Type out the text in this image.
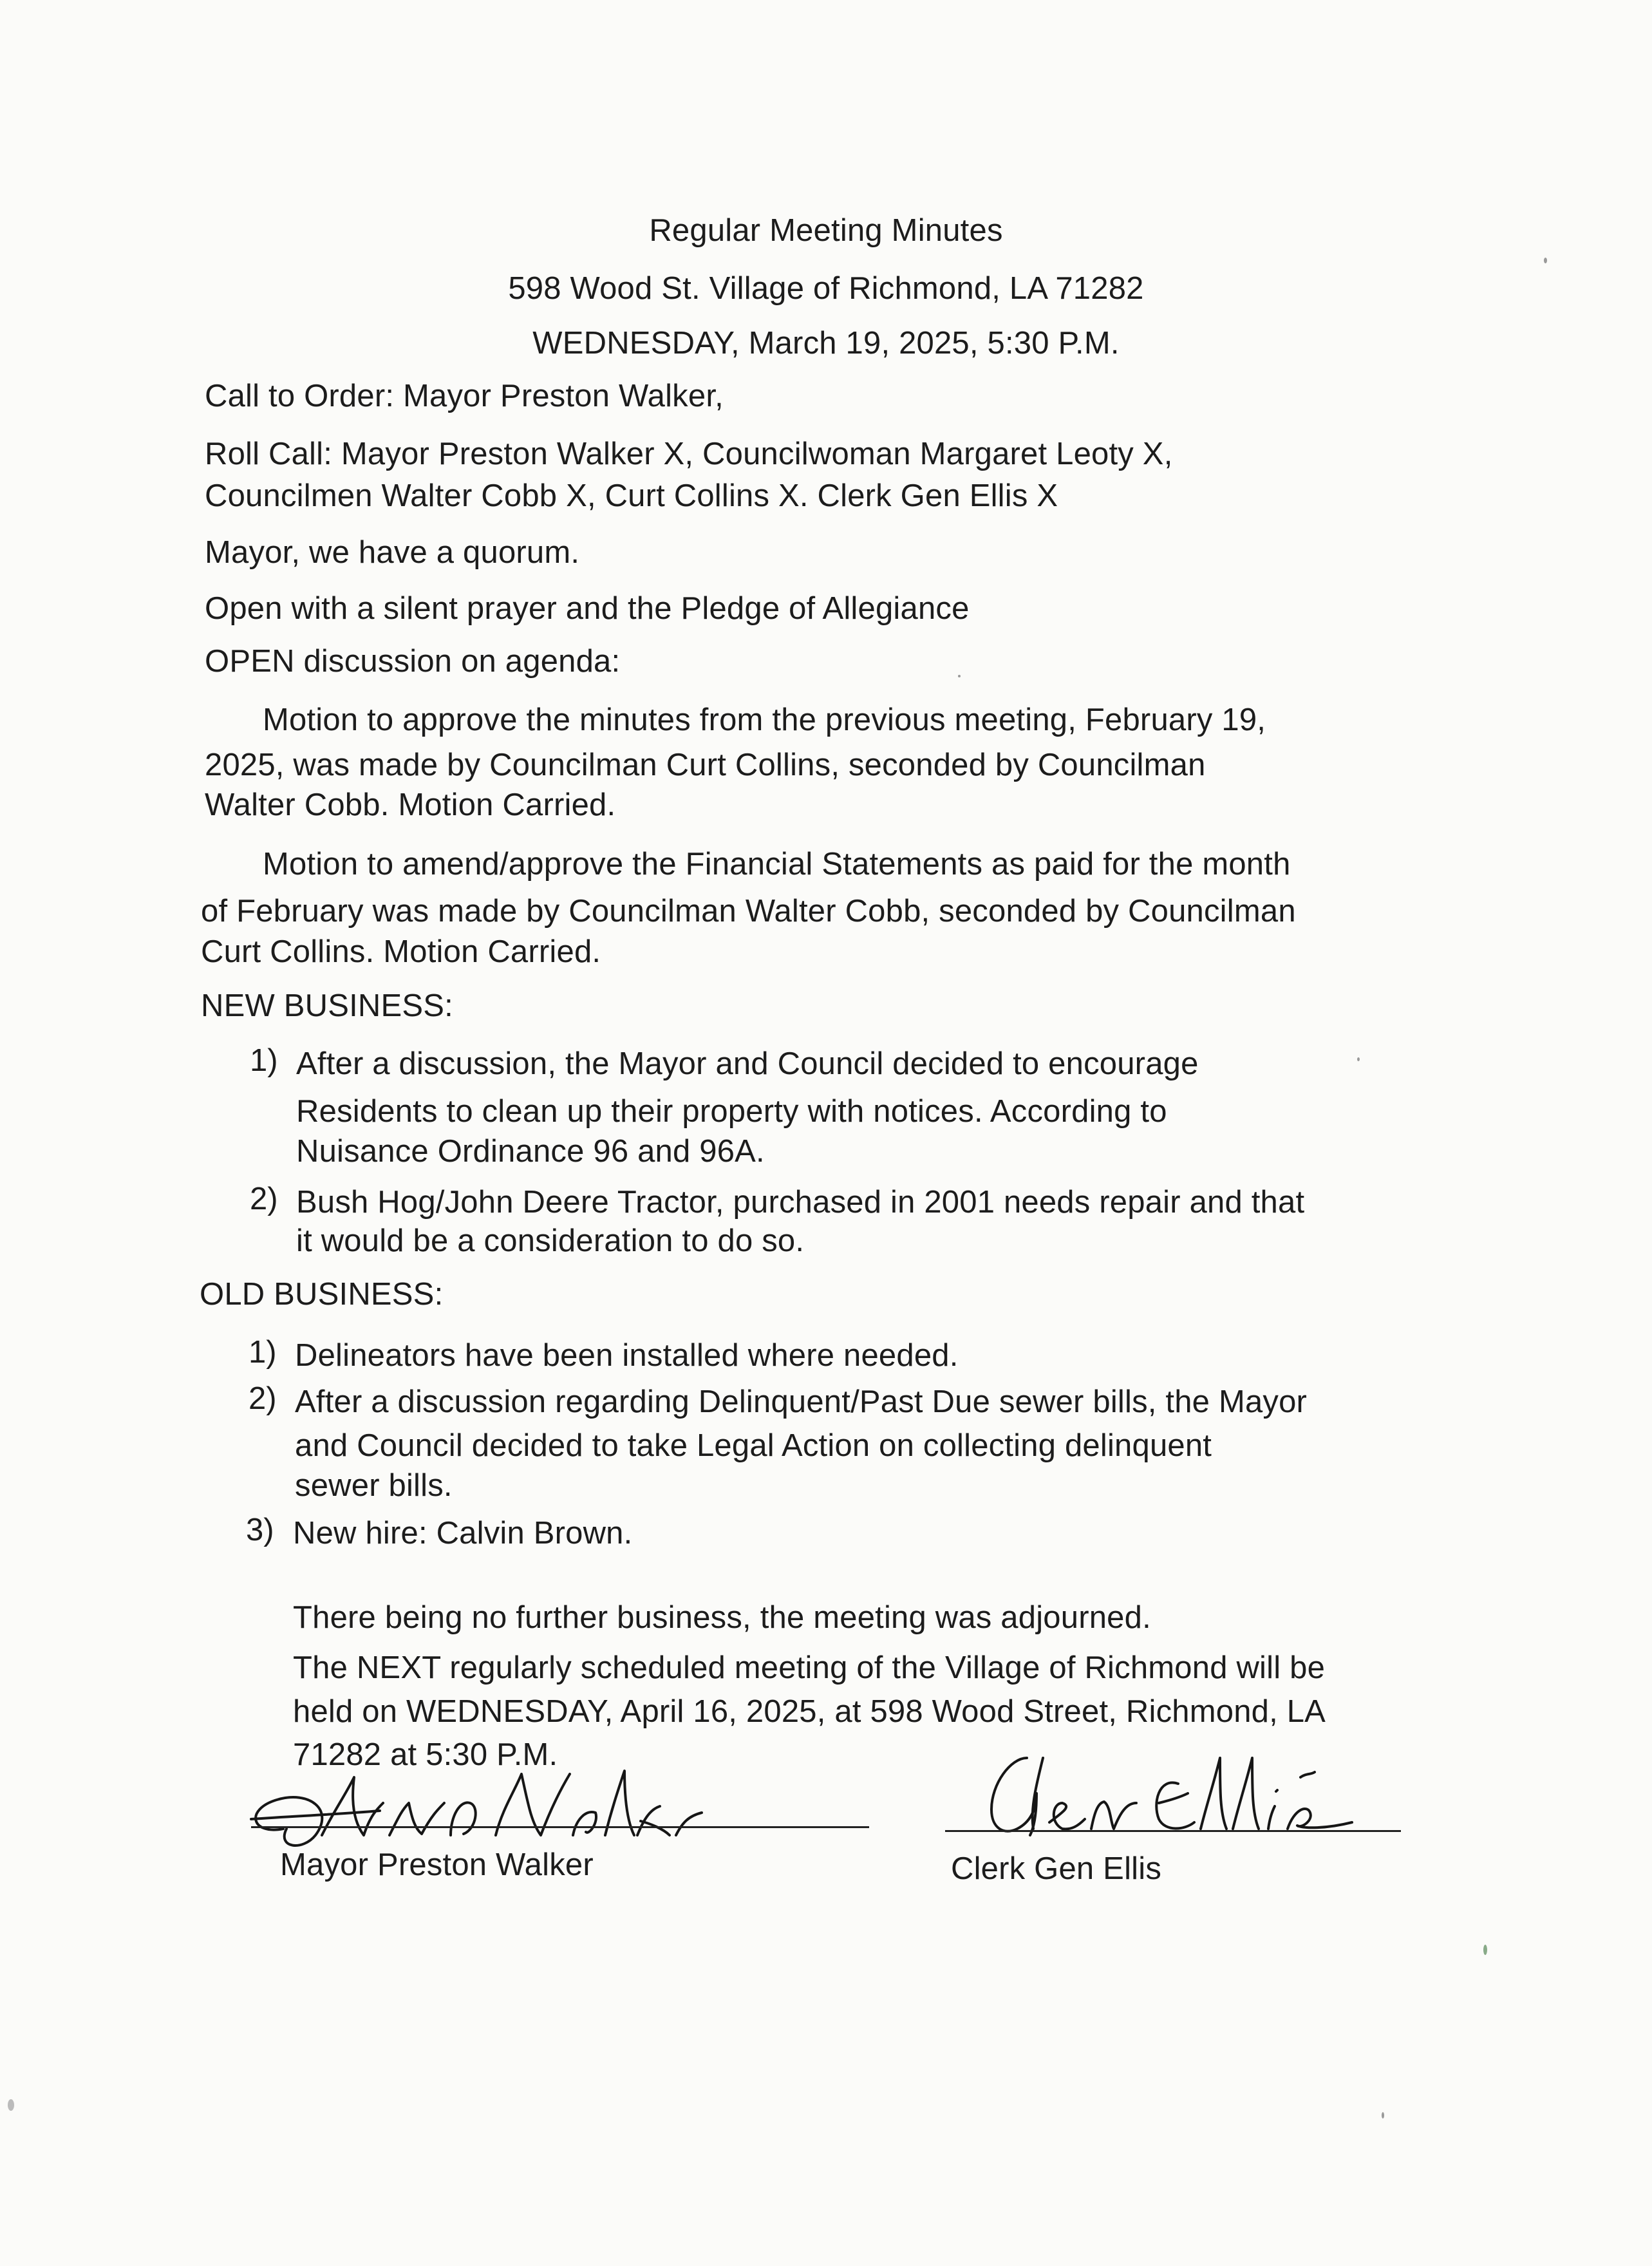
Regular Meeting Minutes
598 Wood St. Village of Richmond, LA 71282
WEDNESDAY, March 19, 2025, 5:30 P.M.
Call to Order: Mayor Preston Walker,
Roll Call: Mayor Preston Walker X, Councilwoman Margaret Leoty X,
Councilmen Walter Cobb X, Curt Collins X. Clerk Gen Ellis X
Mayor, we have a quorum.
Open with a silent prayer and the Pledge of Allegiance
OPEN discussion on agenda:
Motion to approve the minutes from the previous meeting, February 19,
2025, was made by Councilman Curt Collins, seconded by Councilman
Walter Cobb. Motion Carried.
Motion to amend/approve the Financial Statements as paid for the month
of February was made by Councilman Walter Cobb, seconded by Councilman
Curt Collins. Motion Carried.
NEW BUSINESS:
1) After a discussion, the Mayor and Council decided to encourage
Residents to clean up their property with notices. According to
Nuisance Ordinance 96 and 96A.
2) Bush Hog/John Deere Tractor, purchased in 2001 needs repair and that
it would be a consideration to do so.
OLD BUSINESS:
1) Delineators have been installed where needed.
2) After a discussion regarding Delinquent/Past Due sewer bills, the Mayor
and Council decided to take Legal Action on collecting delinquent
sewer bills.
3) New hire: Calvin Brown.
There being no further business, the meeting was adjourned.
The NEXT regularly scheduled meeting of the Village of Richmond will be
held on WEDNESDAY, April 16, 2025, at 598 Wood Street, Richmond, LA
71282 at 5:30 P.M.
Mayor Preston Walker	Clerk Gen Ellis
